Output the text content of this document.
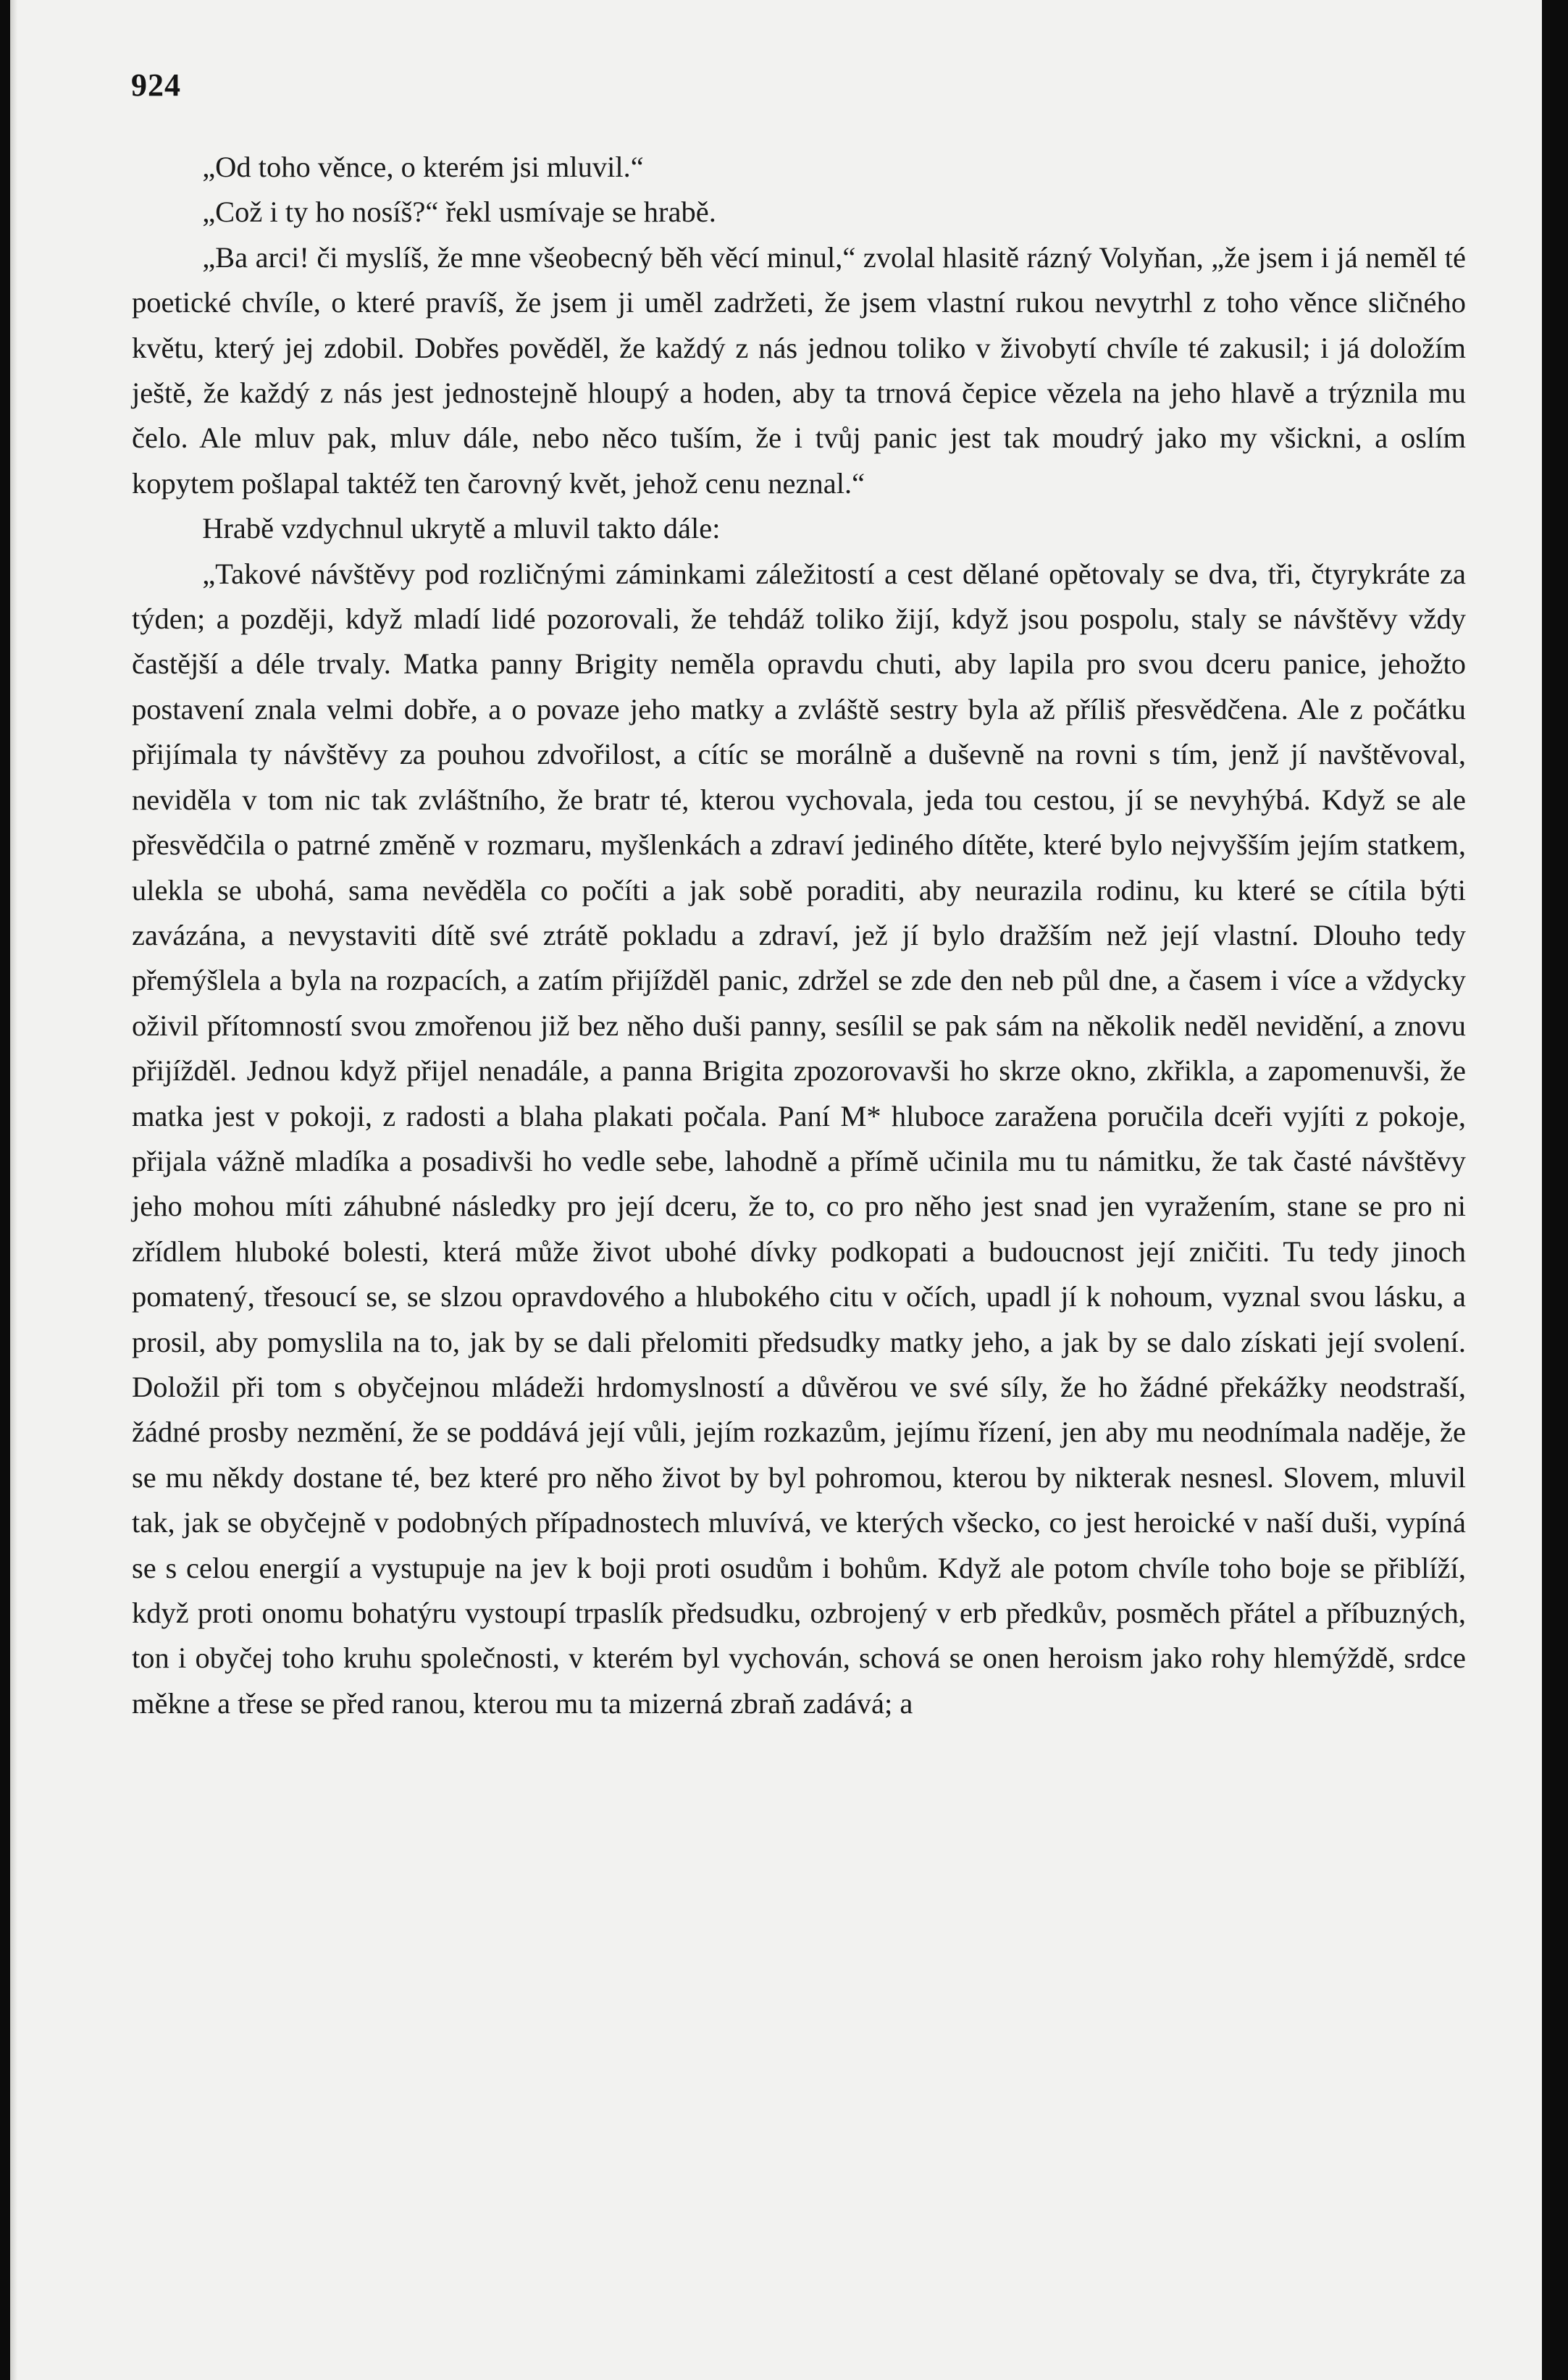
924

„Od toho věnce, o kterém jsi mluvil.“

„Což i ty ho nosíš?“ řekl usmívaje se hrabě.

„Ba arci! či myslíš, že mne všeobecný běh věcí minul,“ zvolal hlasitě rázný Volyňan, „že jsem i já neměl té poetické chvíle, o které pravíš, že jsem ji uměl zadržeti, že jsem vlastní rukou nevytrhl z toho věnce sličného květu, který jej zdobil. Dobřes pověděl, že každý z nás jednou toliko v živobytí chvíle té zakusil; i já doložím ještě, že každý z nás jest jednostejně hloupý a hoden, aby ta trnová čepice vězela na jeho hlavě a trýznila mu čelo. Ale mluv pak, mluv dále, nebo něco tuším, že i tvůj panic jest tak moudrý jako my všickni, a oslím kopytem pošlapal taktéž ten čarovný květ, jehož cenu neznal.“

Hrabě vzdychnul ukrytě a mluvil takto dále:

„Takové návštěvy pod rozličnými záminkami záležitostí a cest dělané opětovaly se dva, tři, čtyrykráte za týden; a později, když mladí lidé pozorovali, že tehdáž toliko žijí, když jsou pospolu, staly se návštěvy vždy častější a déle trvaly. Matka panny Brigity neměla opravdu chuti, aby lapila pro svou dceru panice, jehožto postavení znala velmi dobře, a o povaze jeho matky a zvláště sestry byla až příliš přesvědčena. Ale z počátku přijímala ty návštěvy za pouhou zdvořilost, a cítíc se morálně a duševně na rovni s tím, jenž jí navštěvoval, neviděla v tom nic tak zvláštního, že bratr té, kterou vychovala, jeda tou cestou, jí se nevyhýbá. Když se ale přesvědčila o patrné změně v rozmaru, myšlenkách a zdraví jediného dítěte, které bylo nejvyšším jejím statkem, ulekla se ubohá, sama nevěděla co počíti a jak sobě poraditi, aby neurazila rodinu, ku které se cítila býti zavázána, a nevystaviti dítě své ztrátě pokladu a zdraví, jež jí bylo dražším než její vlastní. Dlouho tedy přemýšlela a byla na rozpacích, a zatím přijížděl panic, zdržel se zde den neb půl dne, a časem i více a vždycky oživil přítomností svou zmořenou již bez něho duši panny, sesílil se pak sám na několik neděl nevidění, a znovu přijížděl. Jednou když přijel nenadále, a panna Brigita zpozorovavši ho skrze okno, zkřikla, a zapomenuvši, že matka jest v pokoji, z radosti a blaha plakati počala. Paní M* hluboce zaražena poručila dceři vyjíti z pokoje, přijala vážně mladíka a posadivši ho vedle sebe, lahodně a přímě učinila mu tu námitku, že tak časté návštěvy jeho mohou míti záhubné následky pro její dceru, že to, co pro něho jest snad jen vyražením, stane se pro ni zřídlem hluboké bolesti, která může život ubohé dívky podkopati a budoucnost její zničiti. Tu tedy jinoch pomatený, třesoucí se, se slzou opravdového a hlubokého citu v očích, upadl jí k nohoum, vyznal svou lásku, a prosil, aby pomyslila na to, jak by se dali přelomiti předsudky matky jeho, a jak by se dalo získati její svolení. Doložil při tom s obyčejnou mládeži hrdomyslností a důvěrou ve své síly, že ho žádné překážky neodstraší, žádné prosby nezmění, že se poddává její vůli, jejím rozkazům, jejímu řízení, jen aby mu neodnímala naděje, že se mu někdy dostane té, bez které pro něho život by byl pohromou, kterou by nikterak nesnesl. Slovem, mluvil tak, jak se obyčejně v podobných případnostech mluvívá, ve kterých všecko, co jest heroické v naší duši, vypíná se s celou energií a vystupuje na jev k boji proti osudům i bohům. Když ale potom chvíle toho boje se přiblíží, když proti onomu bohatýru vystoupí trpaslík předsudku, ozbrojený v erb předkův, posměch přátel a příbuzných, ton i obyčej toho kruhu společnosti, v kterém byl vychován, schová se onen heroism jako rohy hlemýždě, srdce měkne a třese se před ranou, kterou mu ta mizerná zbraň zadává; a
